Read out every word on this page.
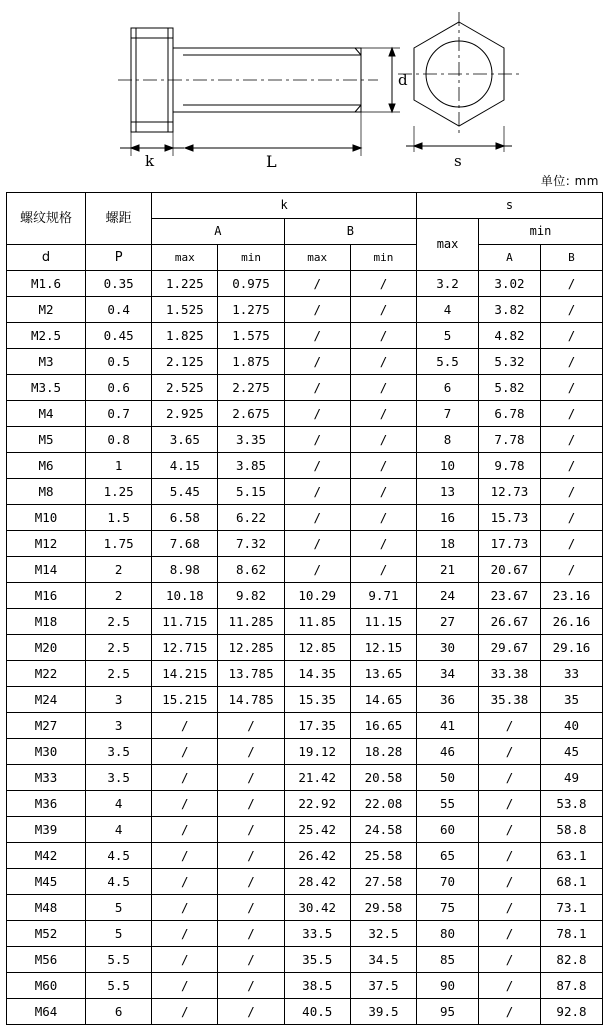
d
k	L	s
单位: mm
螺纹规格	螺距	k				s		
		A		B		max	min	
d	P	max	min	max	min		A	B
M1.6	0.35	1.225	0.975	/	/	3.2	3.02	/
M2	0.4	1.525	1.275	/	/	4	3.82	/
M2.5	0.45	1.825	1.575	/	/	5	4.82	/
M3	0.5	2.125	1.875	/	/	5.5	5.32	/
M3.5	0.6	2.525	2.275	/	/	6	5.82	/
M4	0.7	2.925	2.675	/	/	7	6.78	/
M5	0.8	3.65	3.35	/	/	8	7.78	/
M6	1	4.15	3.85	/	/	10	9.78	/
M8	1.25	5.45	5.15	/	/	13	12.73	/
M10	1.5	6.58	6.22	/	/	16	15.73	/
M12	1.75	7.68	7.32	/	/	18	17.73	/
M14	2	8.98	8.62	/	/	21	20.67	/
M16	2	10.18	9.82	10.29	9.71	24	23.67	23.16
M18	2.5	11.715	11.285	11.85	11.15	27	26.67	26.16
M20	2.5	12.715	12.285	12.85	12.15	30	29.67	29.16
M22	2.5	14.215	13.785	14.35	13.65	34	33.38	33
M24	3	15.215	14.785	15.35	14.65	36	35.38	35
M27	3	/	/	17.35	16.65	41	/	40
M30	3.5	/	/	19.12	18.28	46	/	45
M33	3.5	/	/	21.42	20.58	50	/	49
M36	4	/	/	22.92	22.08	55	/	53.8
M39	4	/	/	25.42	24.58	60	/	58.8
M42	4.5	/	/	26.42	25.58	65	/	63.1
M45	4.5	/	/	28.42	27.58	70	/	68.1
M48	5	/	/	30.42	29.58	75	/	73.1
M52	5	/	/	33.5	32.5	80	/	78.1
M56	5.5	/	/	35.5	34.5	85	/	82.8
M60	5.5	/	/	38.5	37.5	90	/	87.8
M64	6	/	/	40.5	39.5	95	/	92.8
